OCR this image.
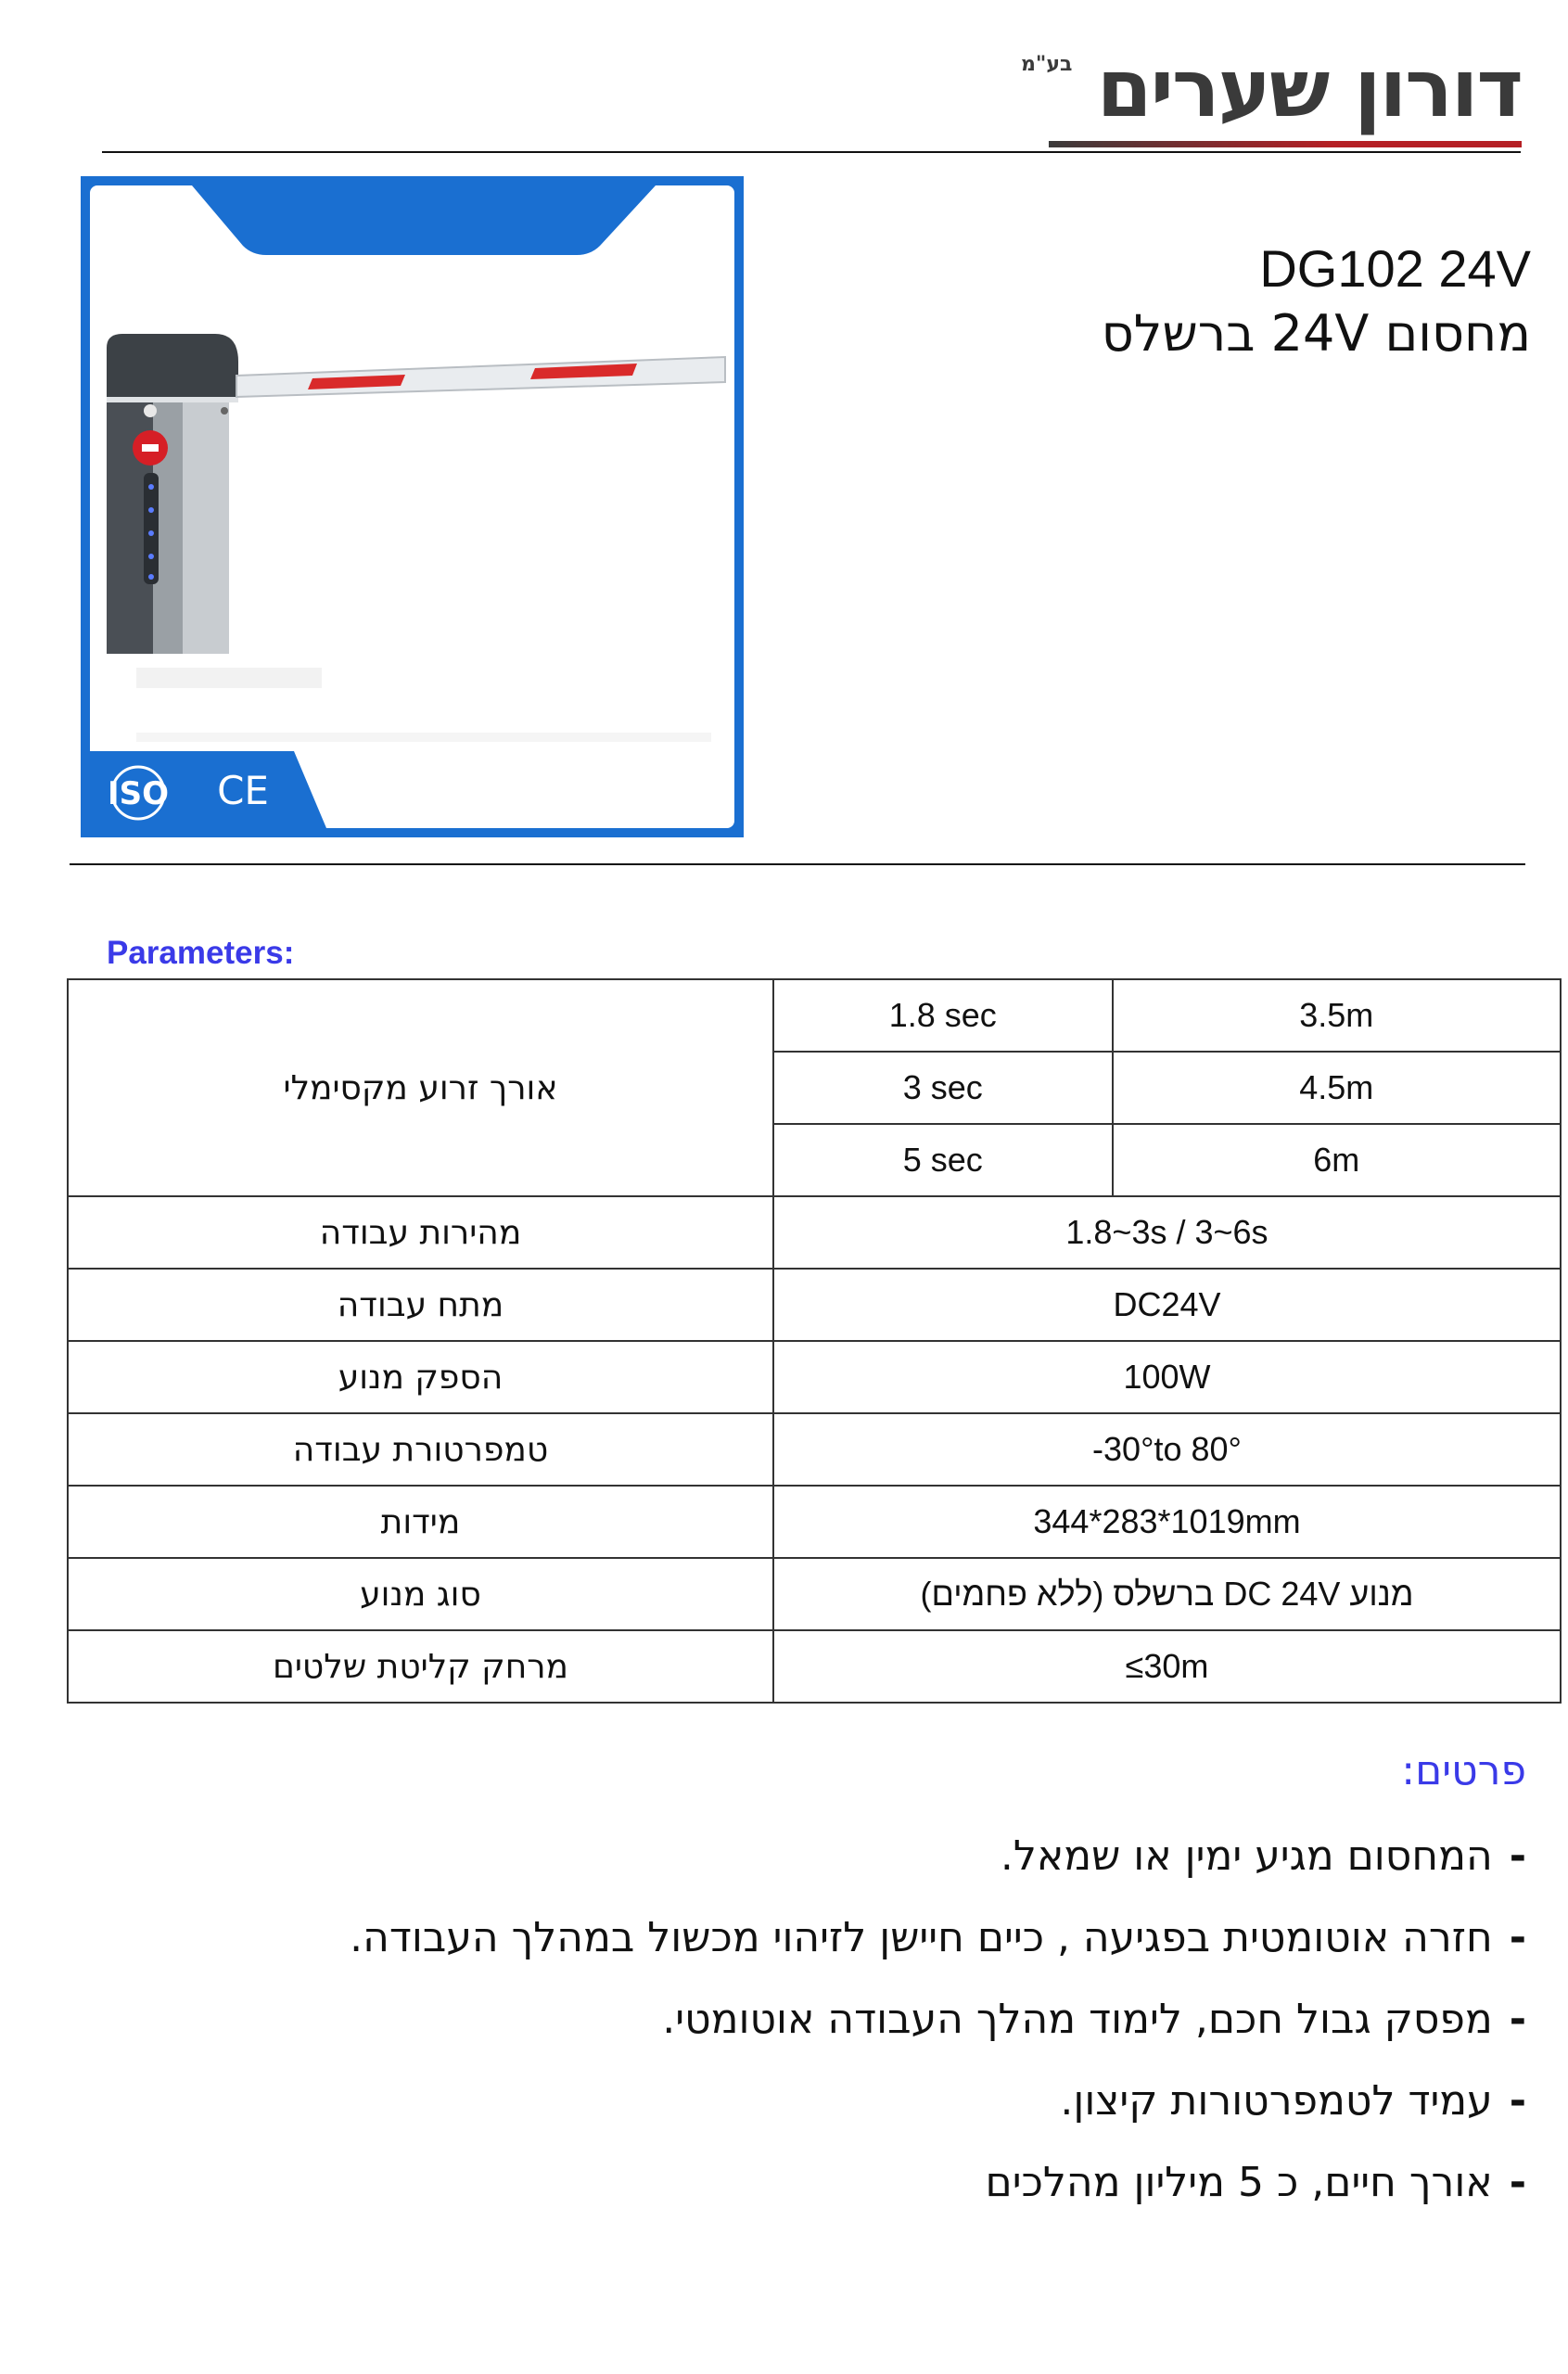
דורון שערים
בע"מ
ISO CE
DG102 24V
מחסום 24V ברשלס
Parameters:
אורך זרוע מקסימלי	1.8 sec	3.5m
	3 sec	4.5m
	5 sec	6m
מהירות עבודה	1.8~3s / 3~6s	
מתח עבודה	DC24V	
הספק מנוע	100W	
טמפרטורת עבודה	-30°to 80°	
מידות	344*283*1019mm	
סוג מנוע	מנוע DC 24V ברשלס (ללא פחמים)	
מרחק קליטת שלטים	≤30m	
פרטים:
-המחסום מגיע ימין או שמאל.
-חזרה אוטומטית בפגיעה , כיים חיישן לזיהוי מכשול במהלך העבודה.
-מפסק גבול חכם, לימוד מהלך העבודה אוטומטי.
-עמיד לטמפרטורות קיצון.
-אורך חיים, כ 5 מיליון מהלכים
